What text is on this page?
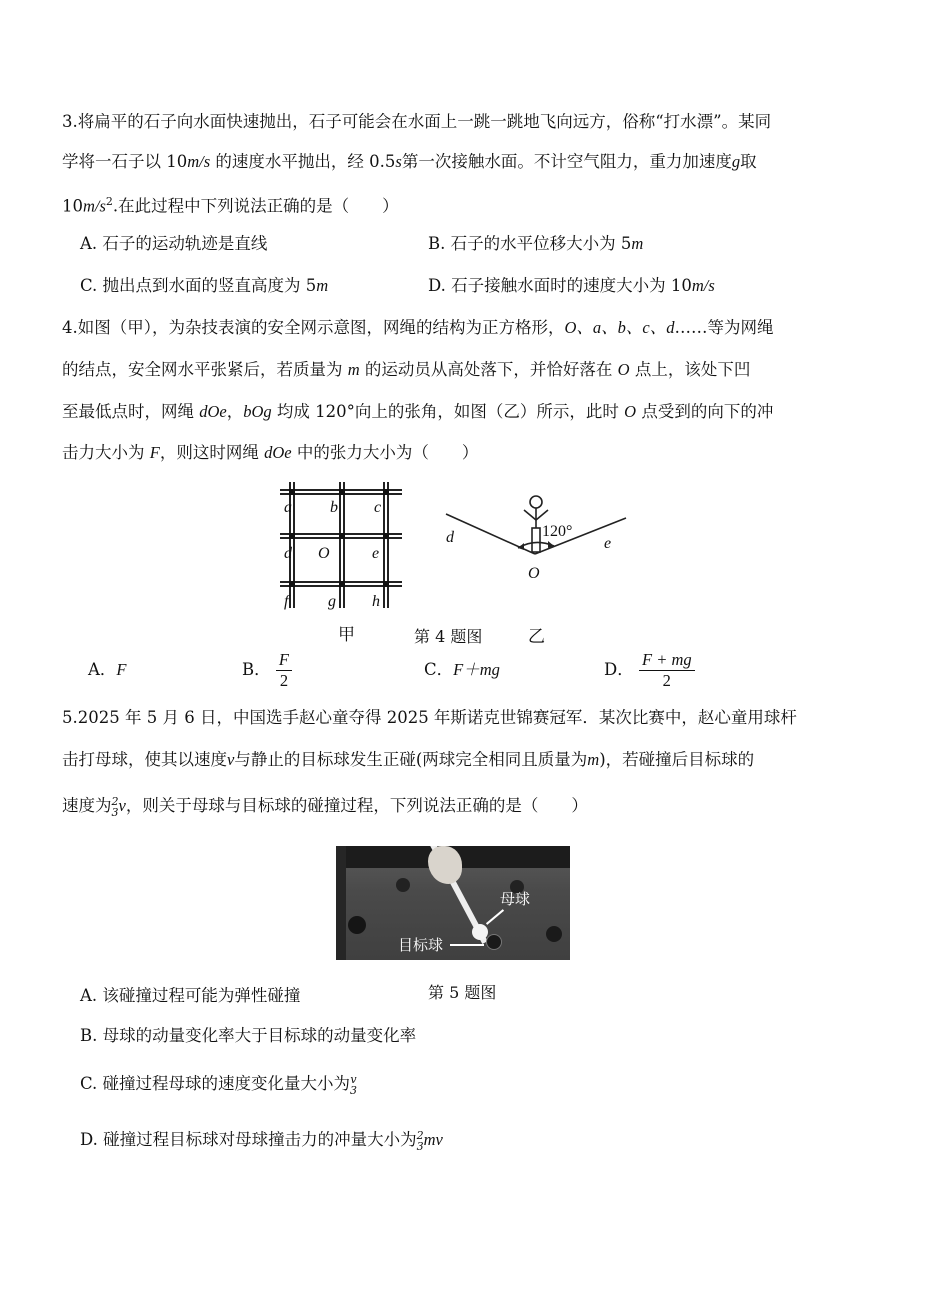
3.将扁平的石子向水面快速抛出，石子可能会在水面上一跳一跳地飞向远方，俗称“打水漂”。某同
学将一石子以 10m/s 的速度水平抛出，经 0.5s第一次接触水面。不计空气阻力，重力加速度g取
$10m/s^2$.在此过程中下列说法正确的是（　　）
A. 石子的运动轨迹是直线	B. 石子的水平位移大小为 5m
C. 抛出点到水面的竖直高度为 5m	D. 石子接触水面时的速度大小为 10m/s
4.如图（甲），为杂技表演的安全网示意图，网绳的结构为正方格形，O、a、b、c、d……等为网绳
的结点，安全网水平张紧后，若质量为 m 的运动员从高处落下，并恰好落在 O 点上，该处下凹
至最低点时，网绳 dOe，bOg 均成 120°向上的张角，如图（乙）所示，此时 O 点受到的向下的冲
击力大小为 F，则这时网绳 dOe 中的张力大小为（　　）
a b c
d O	e
f g h
甲	第 4 题图	乙
120°
d	e
O
A．F	B． $\frac{F}{2}$	C．F＋mg	D． $\frac{F + mg}{2}$
5.2025 年 5 月 6 日，中国选手赵心童夺得 2025 年斯诺克世锦赛冠军．某次比赛中，赵心童用球杆
击打母球，使其以速度v与静止的目标球发生正碰(两球完全相同且质量为m)，若碰撞后目标球的
速度为 2
3 v，则关于母球与目标球的碰撞过程，下列说法正确的是（　　）
母球
目标球
第 5 题图
A. 该碰撞过程可能为弹性碰撞
B. 母球的动量变化率大于目标球的动量变化率
C. 碰撞过程母球的速度变化量大小为 v
3
D. 碰撞过程目标球对母球撞击力的冲量大小为 2
3 mv
